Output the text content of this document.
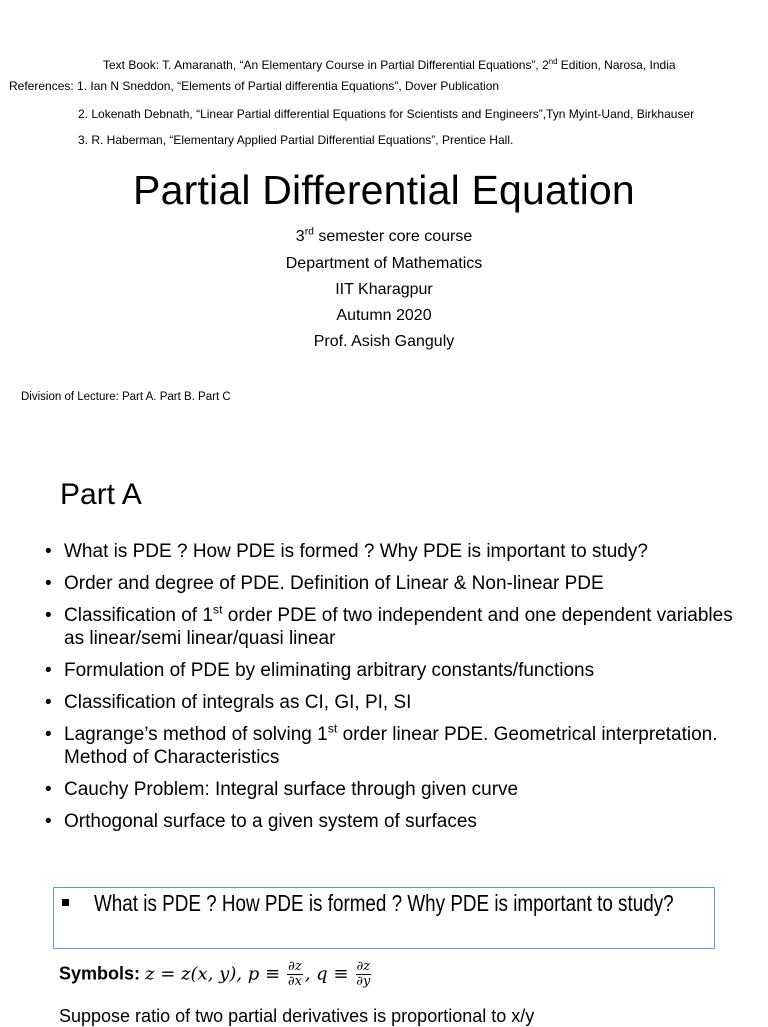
Text Book: T. Amaranath, “An Elementary Course in Partial Differential Equations”, 2nd Edition, Narosa, India
References: 1. Ian N Sneddon, “Elements of Partial differentia Equations”, Dover Publication
2. Lokenath Debnath, “Linear Partial differential Equations for Scientists and Engineers”,Tyn Myint-Uand, Birkhauser
3. R. Haberman, “Elementary Applied Partial Differential Equations”, Prentice Hall.
Partial Differential Equation
3rd semester core course
Department of Mathematics
IIT Kharagpur
Autumn 2020
Prof. Asish Ganguly
Division of Lecture: Part A. Part B. Part C
Part A
• What is PDE ? How PDE is formed ? Why PDE is important to study?
• Order and degree of PDE. Definition of Linear & Non-linear PDE
• Classification of 1st order PDE of two independent and one dependent variables as linear/semi linear/quasi linear
• Formulation of PDE by eliminating arbitrary constants/functions
• Classification of integrals as CI, GI, PI, SI
• Lagrange’s method of solving 1st order linear PDE. Geometrical interpretation. Method of Characteristics
• Cauchy Problem: Integral surface through given curve
• Orthogonal surface to a given system of surfaces
What is PDE ? How PDE is formed ? Why PDE is important to study?
Symbols: z = z(x, y), $p \equiv \frac{\partial z}{\partial x}$ , $q \equiv \frac{\partial z}{\partial y}$
Suppose ratio of two partial derivatives is proportional to x/y
